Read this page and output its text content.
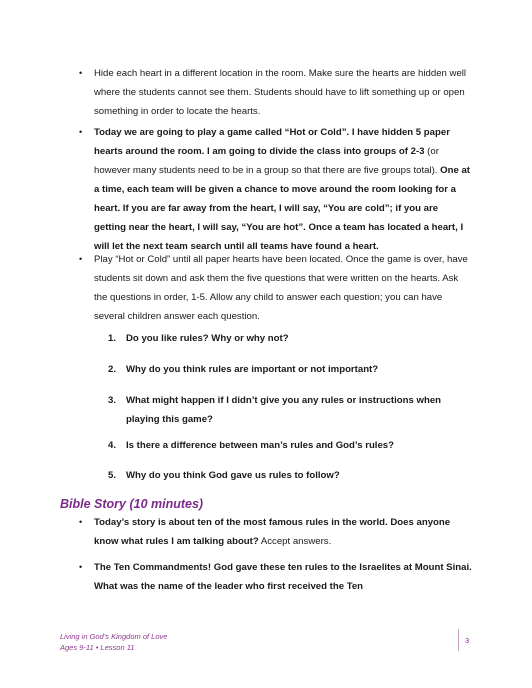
• Hide each heart in a different location in the room. Make sure the hearts are hidden well where the students cannot see them. Students should have to lift something up or open something in order to locate the hearts.
• Today we are going to play a game called “Hot or Cold”. I have hidden 5 paper hearts around the room. I am going to divide the class into groups of 2-3 (or however many students need to be in a group so that there are five groups total). One at a time, each team will be given a chance to move around the room looking for a heart. If you are far away from the heart, I will say, “You are cold”; if you are getting near the heart, I will say, “You are hot”. Once a team has located a heart, I will let the next team search until all teams have found a heart.
• Play “Hot or Cold” until all paper hearts have been located. Once the game is over, have students sit down and ask them the five questions that were written on the hearts. Ask the questions in order, 1-5. Allow any child to answer each question; you can have several children answer each question.
1. Do you like rules? Why or why not?
2. Why do you think rules are important or not important?
3. What might happen if I didn’t give you any rules or instructions when playing this game?
4. Is there a difference between man’s rules and God’s rules?
5. Why do you think God gave us rules to follow?
Bible Story (10 minutes)
• Today’s story is about ten of the most famous rules in the world. Does anyone know what rules I am talking about? Accept answers.
• The Ten Commandments! God gave these ten rules to the Israelites at Mount Sinai. What was the name of the leader who first received the Ten
Living in God’s Kingdom of Love
Ages 9-11 • Lesson 11
3
